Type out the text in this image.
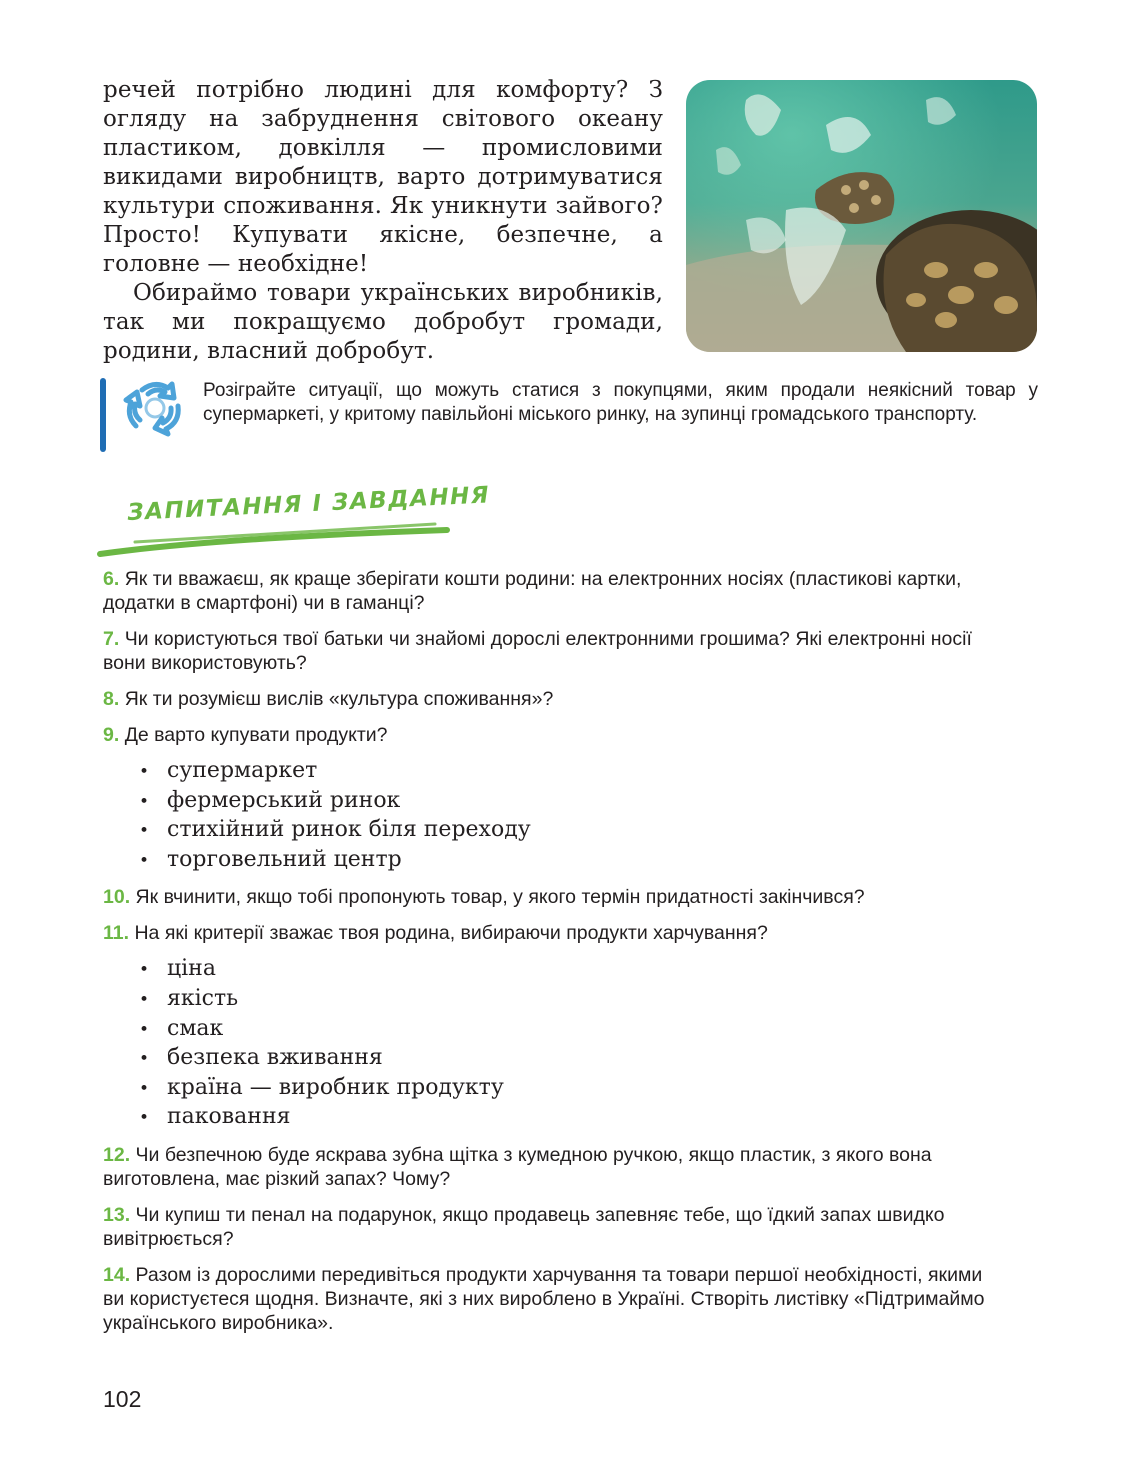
речей потрібно людині для комфорту? З огляду на забруднення світового океану пластиком, довкілля — промисловими викидами виробництв, варто дотримуватися культури споживання. Як уникнути зайвого? Просто! Купувати якісне, безпечне, а головне — необхідне!

Обираймо товари українських виробників, так ми покращуємо добробут громади, родини, власний добробут.

Розіграйте ситуації, що можуть статися з покупцями, яким продали неякісний товар у супермаркеті, у критому павільйоні міського ринку, на зупинці громадського транспорту.
ЗАПИТАННЯ І ЗАВДАННЯ

6. Як ти вважаєш, як краще зберігати кошти родини: на електронних носіях (пластикові картки, додатки в смартфоні) чи в гаманці?

7. Чи користуються твої батьки чи знайомі дорослі електронними грошима? Які електронні носії вони використовують?

8. Як ти розумієш вислів «культура споживання»?

9. Де варто купувати продукти?

• супермаркет
• фермерський ринок
• стихійний ринок біля переходу
• торговельний центр

10. Як вчинити, якщо тобі пропонують товар, у якого термін придатності закінчився?

11. На які критерії зважає твоя родина, вибираючи продукти харчування?

• ціна
• якість
• смак
• безпека вживання
• країна — виробник продукту
• паковання

12. Чи безпечною буде яскрава зубна щітка з кумедною ручкою, якщо пластик, з якого вона виготовлена, має різкий запах? Чому?

13. Чи купиш ти пенал на подарунок, якщо продавець запевняє тебе, що їдкий запах швидко вивітрюється?

14. Разом із дорослими передивіться продукти харчування та товари першої необхідності, якими ви користуєтеся щодня. Визначте, які з них вироблено в Україні. Створіть листівку «Підтримаймо українського виробника».

102
